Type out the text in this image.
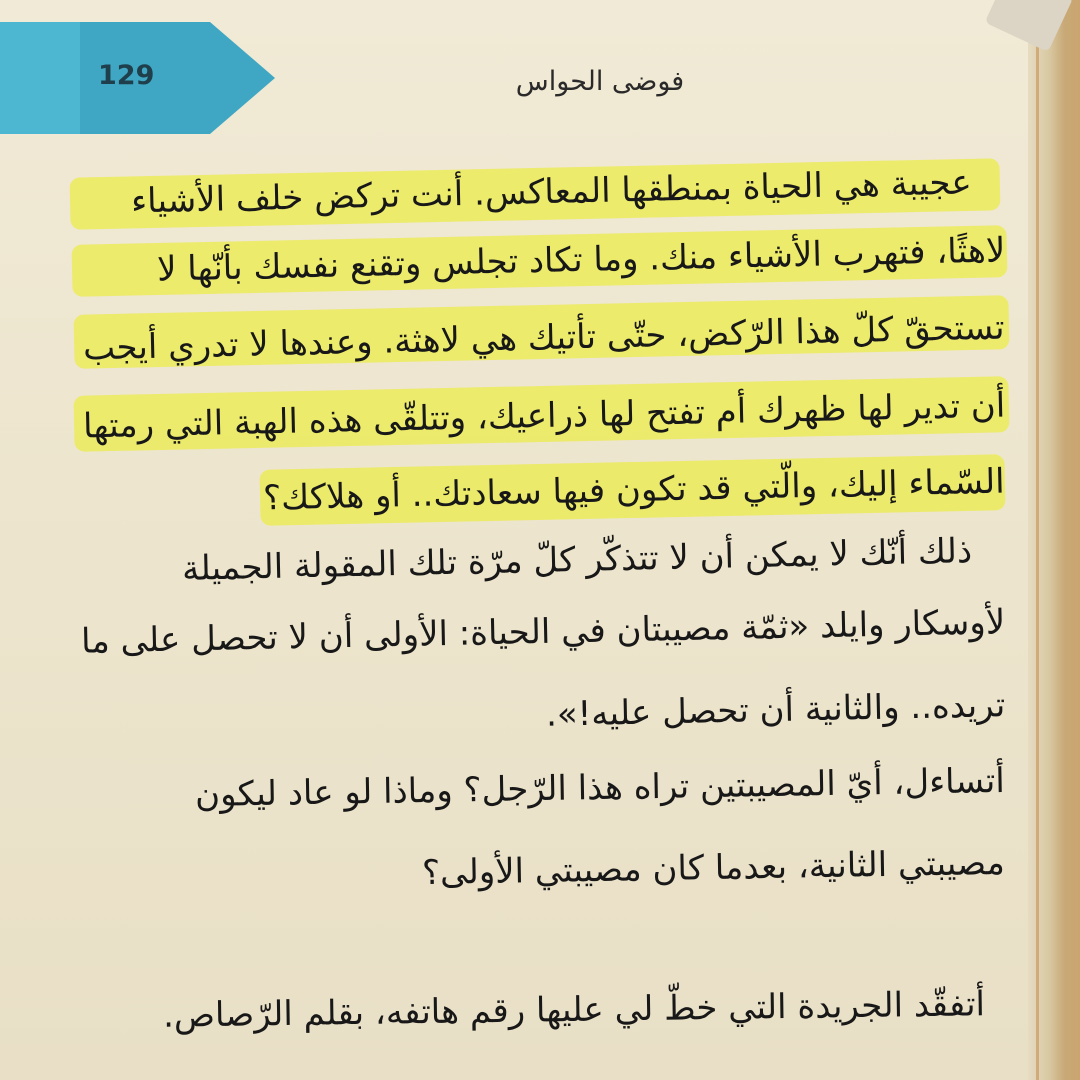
129	فوضى الحواس
عجيبة هي الحياة بمنطقها المعاكس. أنت تركض خلف الأشياء
لاهثًا، فتهرب الأشياء منك. وما تكاد تجلس وتقنع نفسك بأنّها لا
تستحقّ كلّ هذا الرّكض، حتّى تأتيك هي لاهثة. وعندها لا تدري أيجب
أن تدير لها ظهرك أم تفتح لها ذراعيك، وتتلقّى هذه الهبة التي رمتها
السّماء إليك، والّتي قد تكون فيها سعادتك.. أو هلاكك؟
ذلك أنّك لا يمكن أن لا تتذكّر كلّ مرّة تلك المقولة الجميلة
لأوسكار وايلد «ثمّة مصيبتان في الحياة: الأولى أن لا تحصل على ما
تريده.. والثانية أن تحصل عليه!».
أتساءل، أيّ المصيبتين تراه هذا الرّجل؟ وماذا لو عاد ليكون
مصيبتي الثانية، بعدما كان مصيبتي الأولى؟
أتفقّد الجريدة التي خطّ لي عليها رقم هاتفه، بقلم الرّصاص.
